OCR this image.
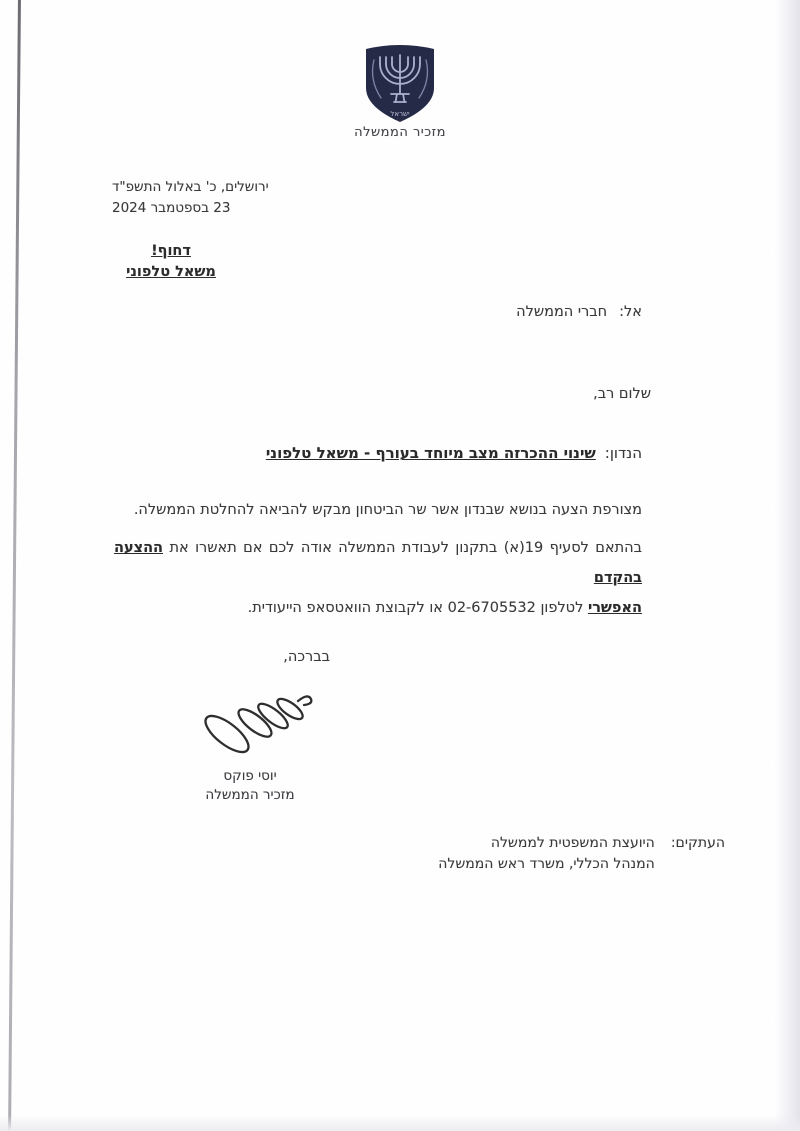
ישראל
מזכיר הממשלה
ירושלים, כ' באלול התשפ"ד
23 בספטמבר 2024
דחוף!
משאל טלפוני
אל:חברי הממשלה
שלום רב,
הנדון:שינוי ההכרזה מצב מיוחד בעורף - משאל טלפוני

מצורפת הצעה בנושא שבנדון אשר שר הביטחון מבקש להביאה להחלטת הממשלה.

בהתאם לסעיף 19(א) בתקנון לעבודת הממשלה אודה לכם אם תאשרו את ההצעה בהקדם
האפשרי לטלפון 02-6705532 או לקבוצת הוואטסאפ הייעודית.
בברכה,
יוסי פוקס
מזכיר הממשלה
העתקים:
היועצת המשפטית לממשלה
המנהל הכללי, משרד ראש הממשלה
